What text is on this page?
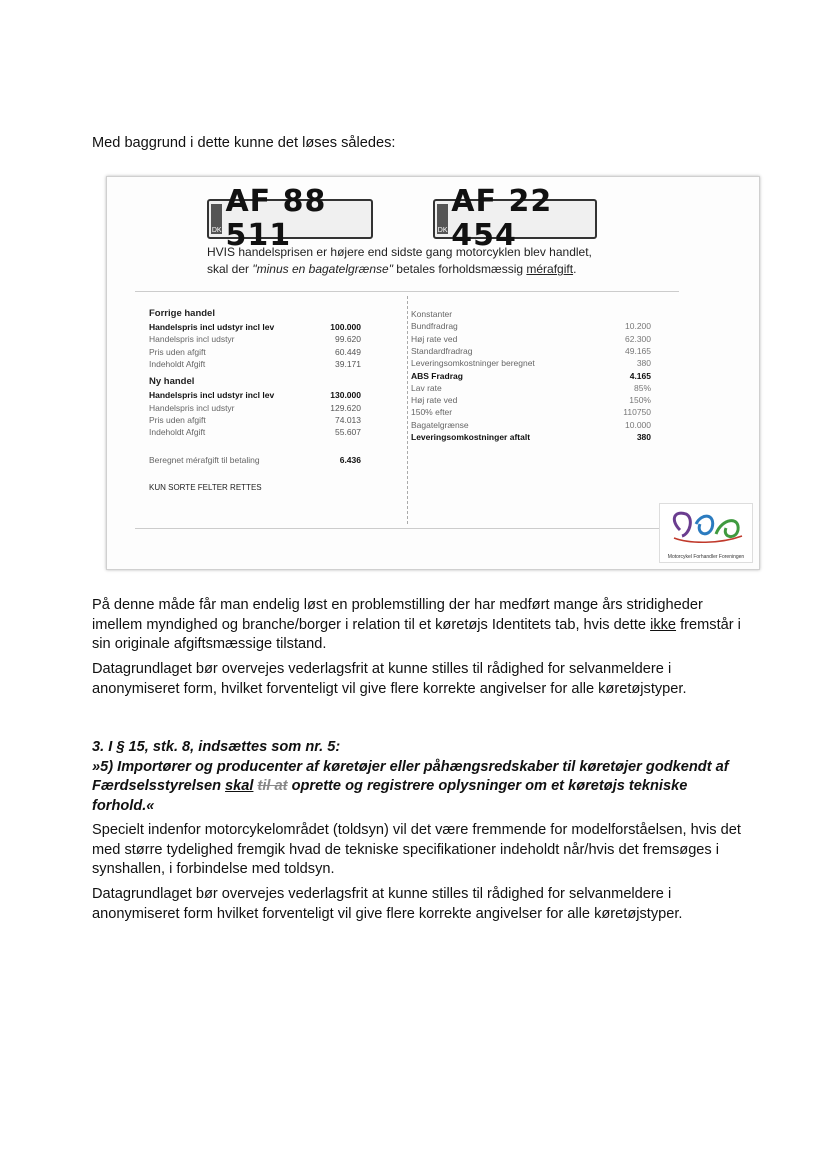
Med baggrund i dette kunne det løses således:

DK
AF 88 511	DK
AF 22 454
HVIS handelsprisen er højere end sidste gang motorcyklen blev handlet,
skal der "minus en bagatelgrænse" betales forholdsmæssig mérafgift.
Forrige handel
Handelspris incl udstyr incl lev	100.000
Handelspris incl udstyr	99.620
Pris uden afgift	60.449
Indeholdt Afgift	39.171
Ny handel
Handelspris incl udstyr incl lev	130.000
Handelspris incl udstyr	129.620
Pris uden afgift	74.013
Indeholdt Afgift	55.607
Beregnet mérafgift til betaling	6.436
KUN SORTE FELTER RETTES
Konstanter
Bundfradrag	10.200
Høj rate ved	62.300
Standardfradrag	49.165
Leveringsomkostninger beregnet	380
ABS Fradrag	4.165
Lav rate	85%
Høj rate ved	150%
150% efter	110750
Bagatelgrænse	10.000
Leveringsomkostninger aftalt	380
Motorcykel Forhandler Foreningen

På denne måde får man endelig løst en problemstilling der har medført mange års stridigheder imellem myndighed og branche/borger i relation til et køretøjs Identitets tab, hvis dette ikke fremstår i sin originale afgiftsmæssige tilstand.

Datagrundlaget bør overvejes vederlagsfrit at kunne stilles til rådighed for selvanmeldere i anonymiseret form, hvilket forventeligt vil give flere korrekte angivelser for alle køretøjstyper.

3. I § 15, stk. 8, indsættes som nr. 5:
»5) Importører og producenter af køretøjer eller påhængsredskaber til køretøjer godkendt af Færdselsstyrelsen skal til at oprette og registrere oplysninger om et køretøjs tekniske forhold.«

Specielt indenfor motorcykelområdet (toldsyn) vil det være fremmende for modelforståelsen, hvis det med større tydelighed fremgik hvad de tekniske specifikationer indeholdt når/hvis det fremsøges i synshallen, i forbindelse med toldsyn.

Datagrundlaget bør overvejes vederlagsfrit at kunne stilles til rådighed for selvanmeldere i anonymiseret form hvilket forventeligt vil give flere korrekte angivelser for alle køretøjstyper.
